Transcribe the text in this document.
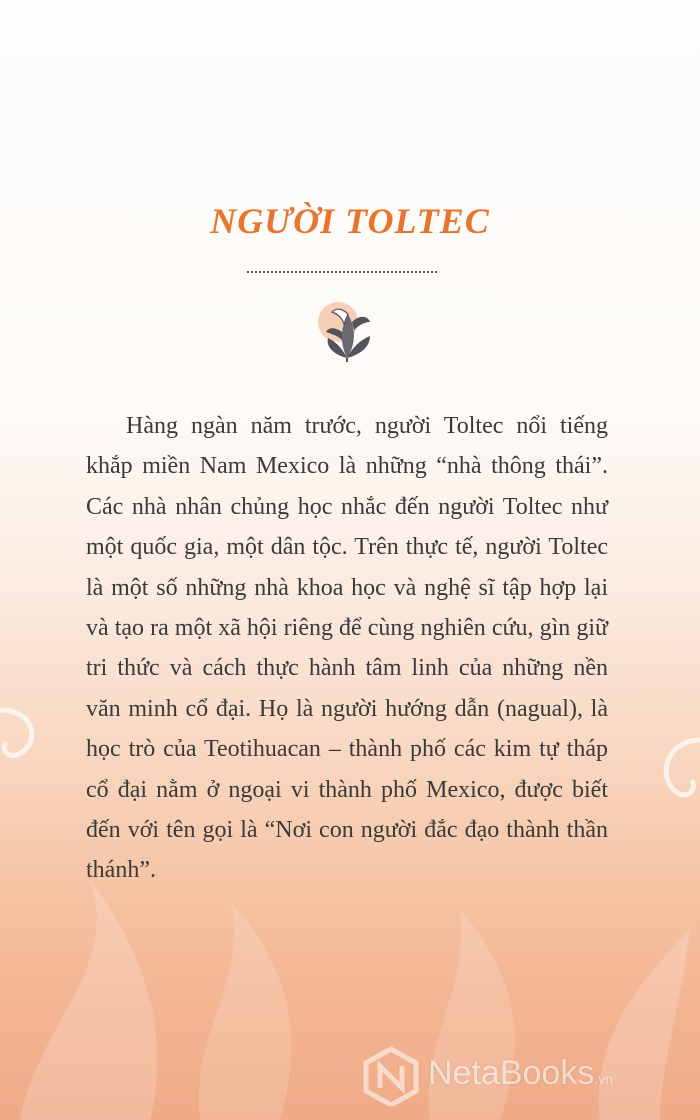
NGƯỜI TOLTEC

Hàng ngàn năm trước, người Toltec nổi tiếng khắp miền Nam Mexico là những “nhà thông thái”. Các nhà nhân chủng học nhắc đến người Toltec như một quốc gia, một dân tộc. Trên thực tế, người Toltec là một số những nhà khoa học và nghệ sĩ tập hợp lại và tạo ra một xã hội riêng để cùng nghiên cứu, gìn giữ tri thức và cách thực hành tâm linh của những nền văn minh cổ đại. Họ là người hướng dẫn (nagual), là học trò của Teotihuacan – thành phố các kim tự tháp cổ đại nằm ở ngoại vi thành phố Mexico, được biết đến với tên gọi là “Nơi con người đắc đạo thành thần thánh”.

NetaBooks.vn
